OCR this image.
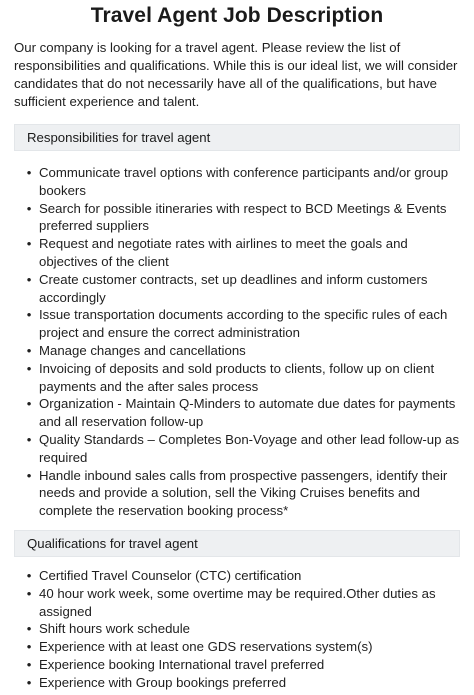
Travel Agent Job Description

Our company is looking for a travel agent. Please review the list of responsibilities and qualifications. While this is our ideal list, we will consider candidates that do not necessarily have all of the qualifications, but have sufficient experience and talent.

Responsibilities for travel agent
• Communicate travel options with conference participants and/or group bookers
• Search for possible itineraries with respect to BCD Meetings & Events preferred suppliers
• Request and negotiate rates with airlines to meet the goals and objectives of the client
• Create customer contracts, set up deadlines and inform customers accordingly
• Issue transportation documents according to the specific rules of each project and ensure the correct administration
• Manage changes and cancellations
• Invoicing of deposits and sold products to clients, follow up on client payments and the after sales process
• Organization - Maintain Q-Minders to automate due dates for payments and all reservation follow-up
• Quality Standards – Completes Bon-Voyage and other lead follow-up as required
• Handle inbound sales calls from prospective passengers, identify their needs and provide a solution, sell the Viking Cruises benefits and complete the reservation booking process*
Qualifications for travel agent
• Certified Travel Counselor (CTC) certification
• 40 hour work week, some overtime may be required.Other duties as assigned
• Shift hours work schedule
• Experience with at least one GDS reservations system(s)
• Experience booking International travel preferred
• Experience with Group bookings preferred
